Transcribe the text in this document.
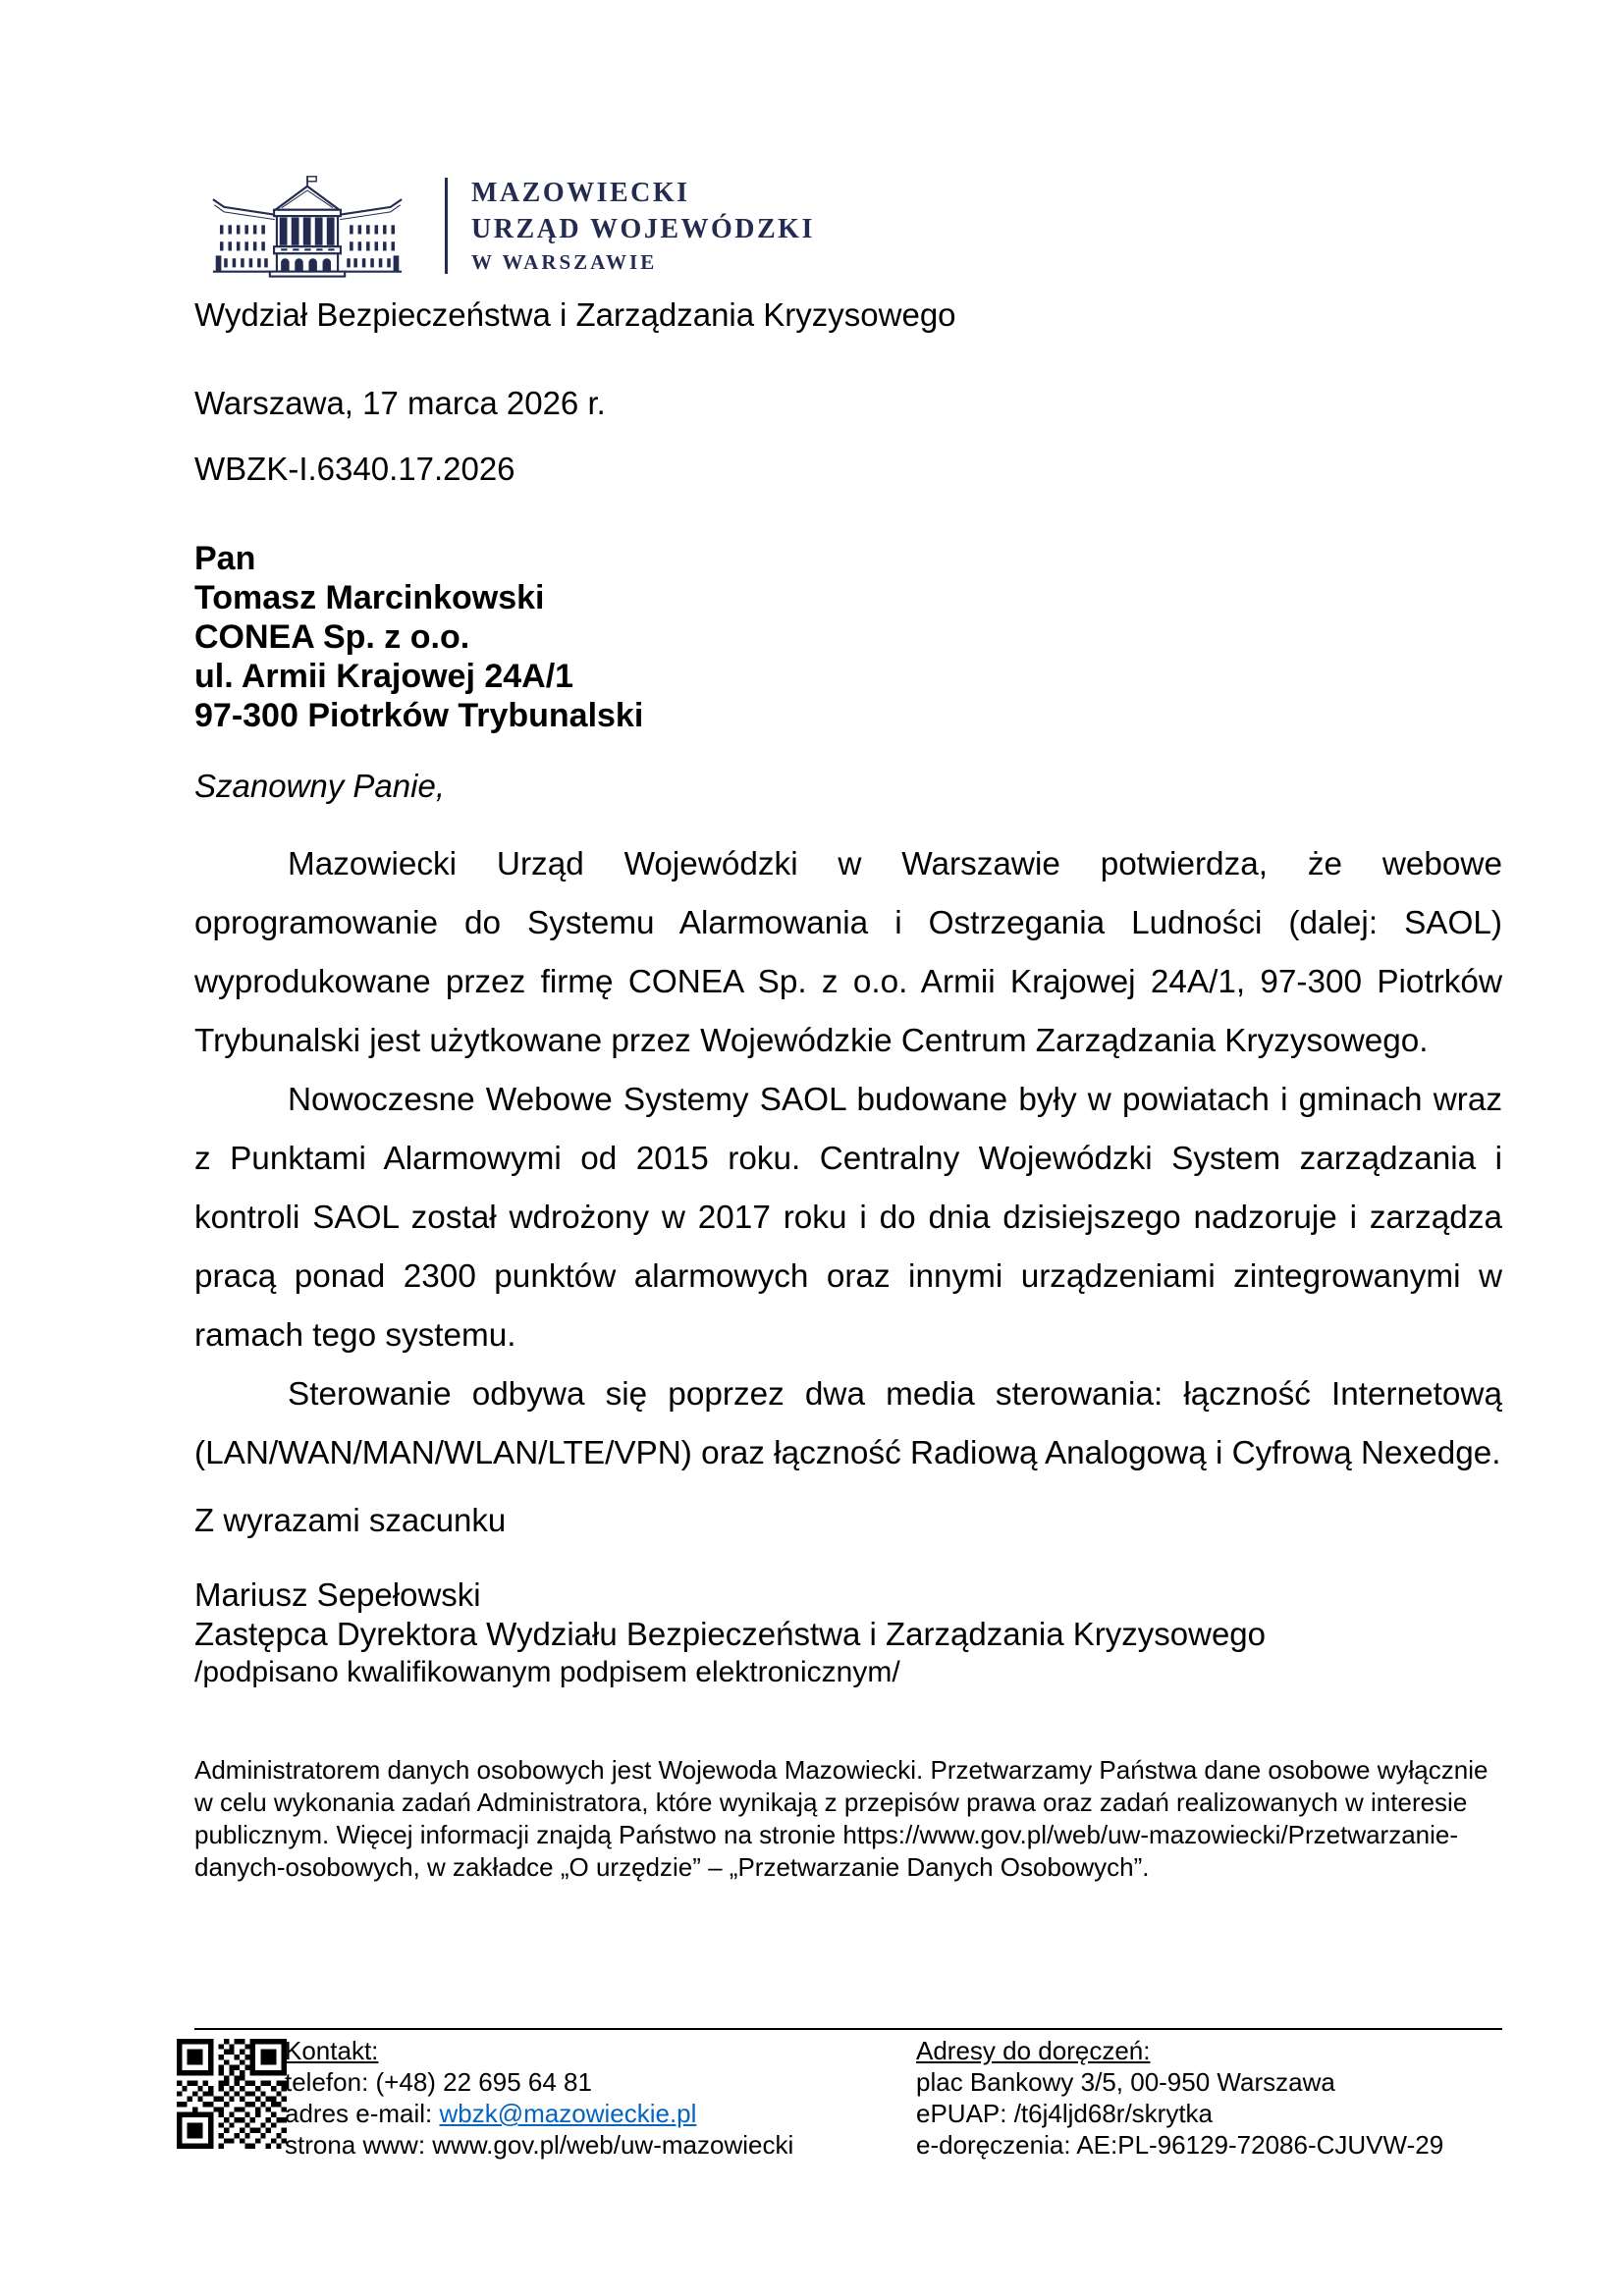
MAZOWIECKI
URZĄD WOJEWÓDZKI
W WARSZAWIE
Wydział Bezpieczeństwa i Zarządzania Kryzysowego
Warszawa, 17 marca 2026 r.
WBZK-I.6340.17.2026
Pan
Tomasz Marcinkowski
CONEA Sp. z o.o.
ul. Armii Krajowej 24A/1
97-300 Piotrków Trybunalski
Szanowny Panie,

Mazowiecki Urząd Wojewódzki w Warszawie potwierdza, że webowe oprogramowanie do Systemu Alarmowania i Ostrzegania Ludności (dalej: SAOL) wyprodukowane przez firmę CONEA Sp. z o.o. Armii Krajowej 24A/1, 97-300 Piotrków Trybunalski jest użytkowane przez Wojewódzkie Centrum Zarządzania Kryzysowego.

Nowoczesne Webowe Systemy SAOL budowane były w powiatach i gminach wraz z Punktami Alarmowymi od 2015 roku. Centralny Wojewódzki System zarządzania i kontroli SAOL został wdrożony w 2017 roku i do dnia dzisiejszego nadzoruje i zarządza pracą ponad 2300 punktów alarmowych oraz innymi urządzeniami zintegrowanymi w ramach tego systemu.

Sterowanie odbywa się poprzez dwa media sterowania: łączność Internetową (LAN/WAN/MAN/WLAN/LTE/VPN) oraz łączność Radiową Analogową i Cyfrową Nexedge.

Z wyrazami szacunku
Mariusz Sepełowski
Zastępca Dyrektora Wydziału Bezpieczeństwa i Zarządzania Kryzysowego
/podpisano kwalifikowanym podpisem elektronicznym/
Administratorem danych osobowych jest Wojewoda Mazowiecki. Przetwarzamy Państwa dane osobowe wyłącznie w celu wykonania zadań Administratora, które wynikają z przepisów prawa oraz zadań realizowanych w interesie publicznym. Więcej informacji znajdą Państwo na stronie https://www.gov.pl/web/uw-mazowiecki/Przetwarzanie-danych-osobowych, w zakładce „O urzędzie” – „Przetwarzanie Danych Osobowych”.
Kontakt:
telefon: (+48) 22 695 64 81
adres e-mail: wbzk@mazowieckie.pl
strona www: www.gov.pl/web/uw-mazowiecki
Adresy do doręczeń:
plac Bankowy 3/5, 00-950 Warszawa
ePUAP: /t6j4ljd68r/skrytka
e-doręczenia: AE:PL-96129-72086-CJUVW-29
